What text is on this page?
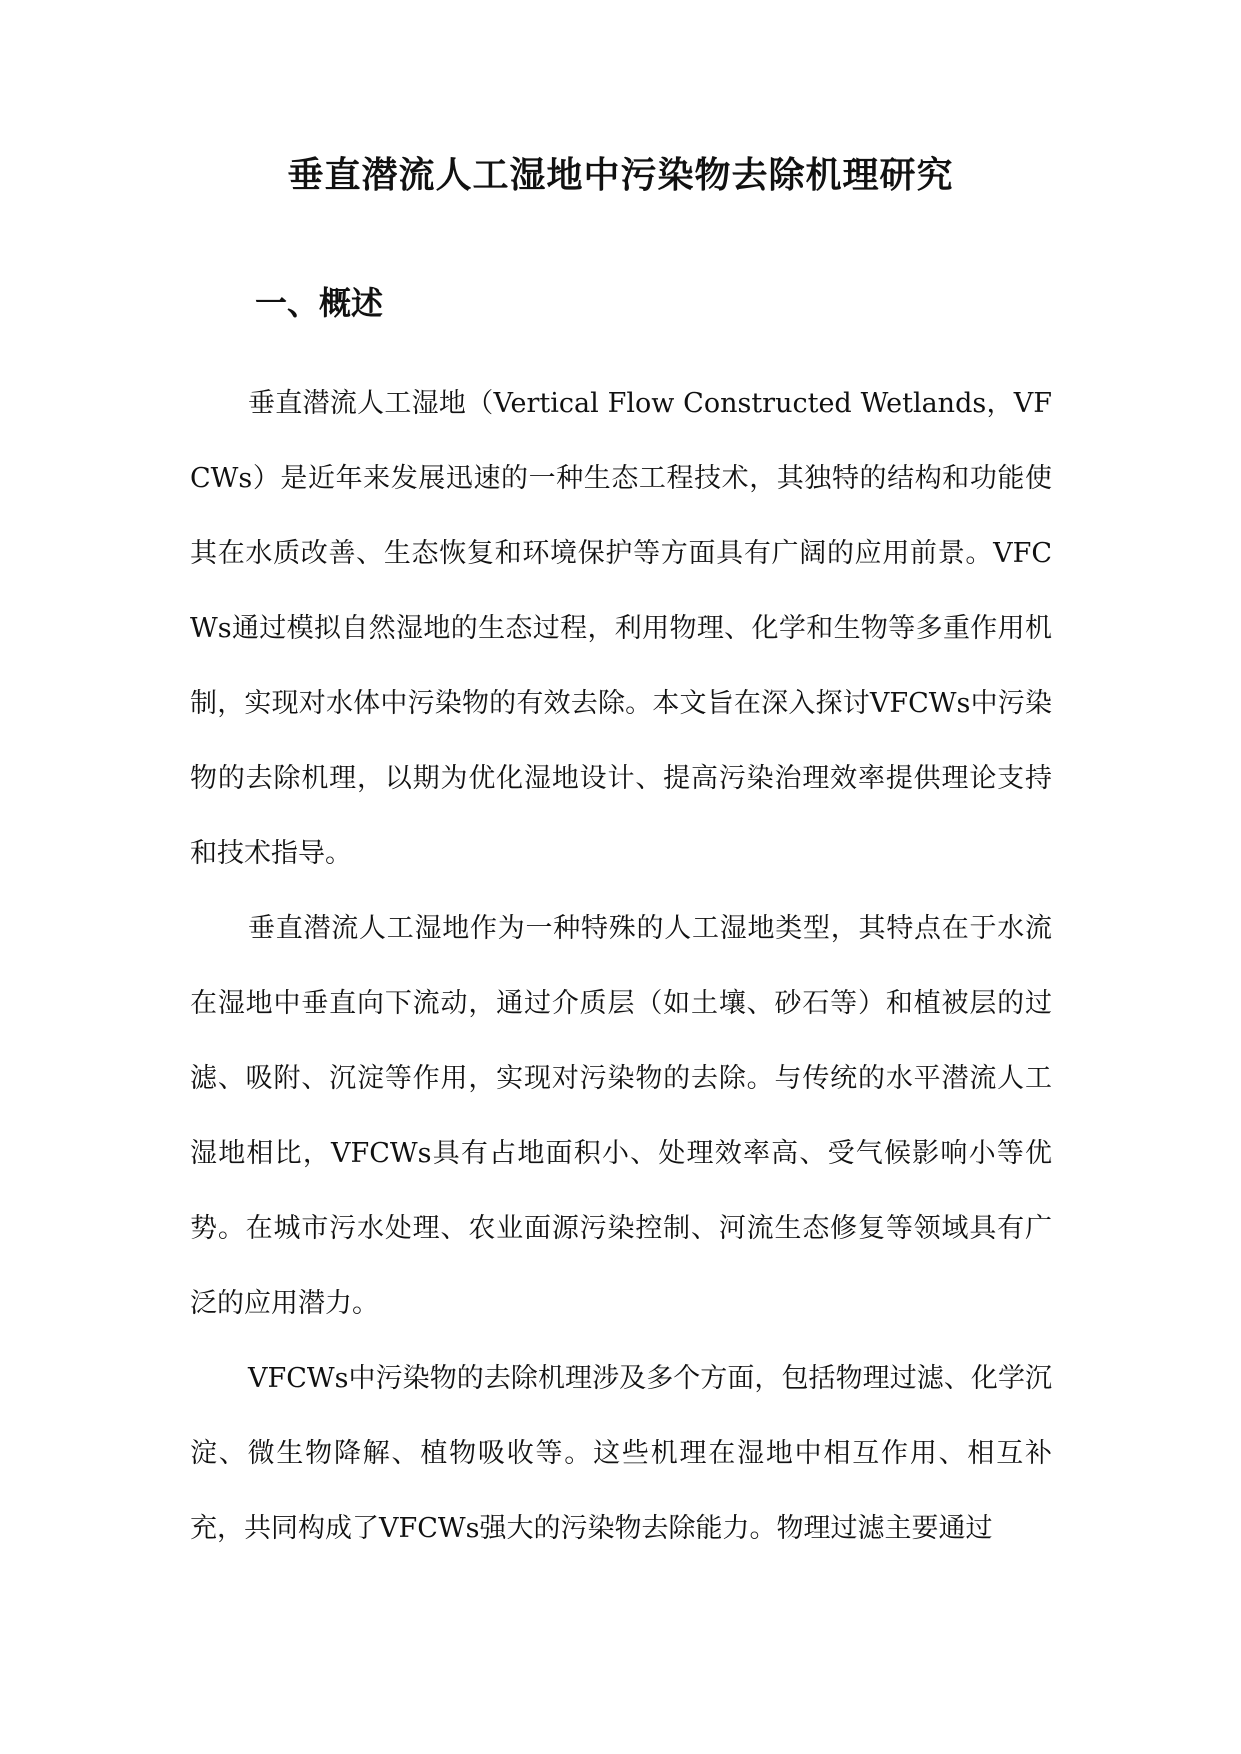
垂直潜流人工湿地中污染物去除机理研究
一、概述

垂直潜流人工湿地（Vertical Flow Constructed Wetlands，VFCWs）是近年来发展迅速的一种生态工程技术，其独特的结构和功能使其在水质改善、生态恢复和环境保护等方面具有广阔的应用前景。VFCWs通过模拟自然湿地的生态过程，利用物理、化学和生物等多重作用机制，实现对水体中污染物的有效去除。本文旨在深入探讨VFCWs中污染物的去除机理，以期为优化湿地设计、提高污染治理效率提供理论支持和技术指导。

垂直潜流人工湿地作为一种特殊的人工湿地类型，其特点在于水流在湿地中垂直向下流动，通过介质层（如土壤、砂石等）和植被层的过滤、吸附、沉淀等作用，实现对污染物的去除。与传统的水平潜流人工湿地相比，VFCWs具有占地面积小、处理效率高、受气候影响小等优势。在城市污水处理、农业面源污染控制、河流生态修复等领域具有广泛的应用潜力。

VFCWs中污染物的去除机理涉及多个方面，包括物理过滤、化学沉淀、微生物降解、植物吸收等。这些机理在湿地中相互作用、相互补充，共同构成了VFCWs强大的污染物去除能力。物理过滤主要通过
